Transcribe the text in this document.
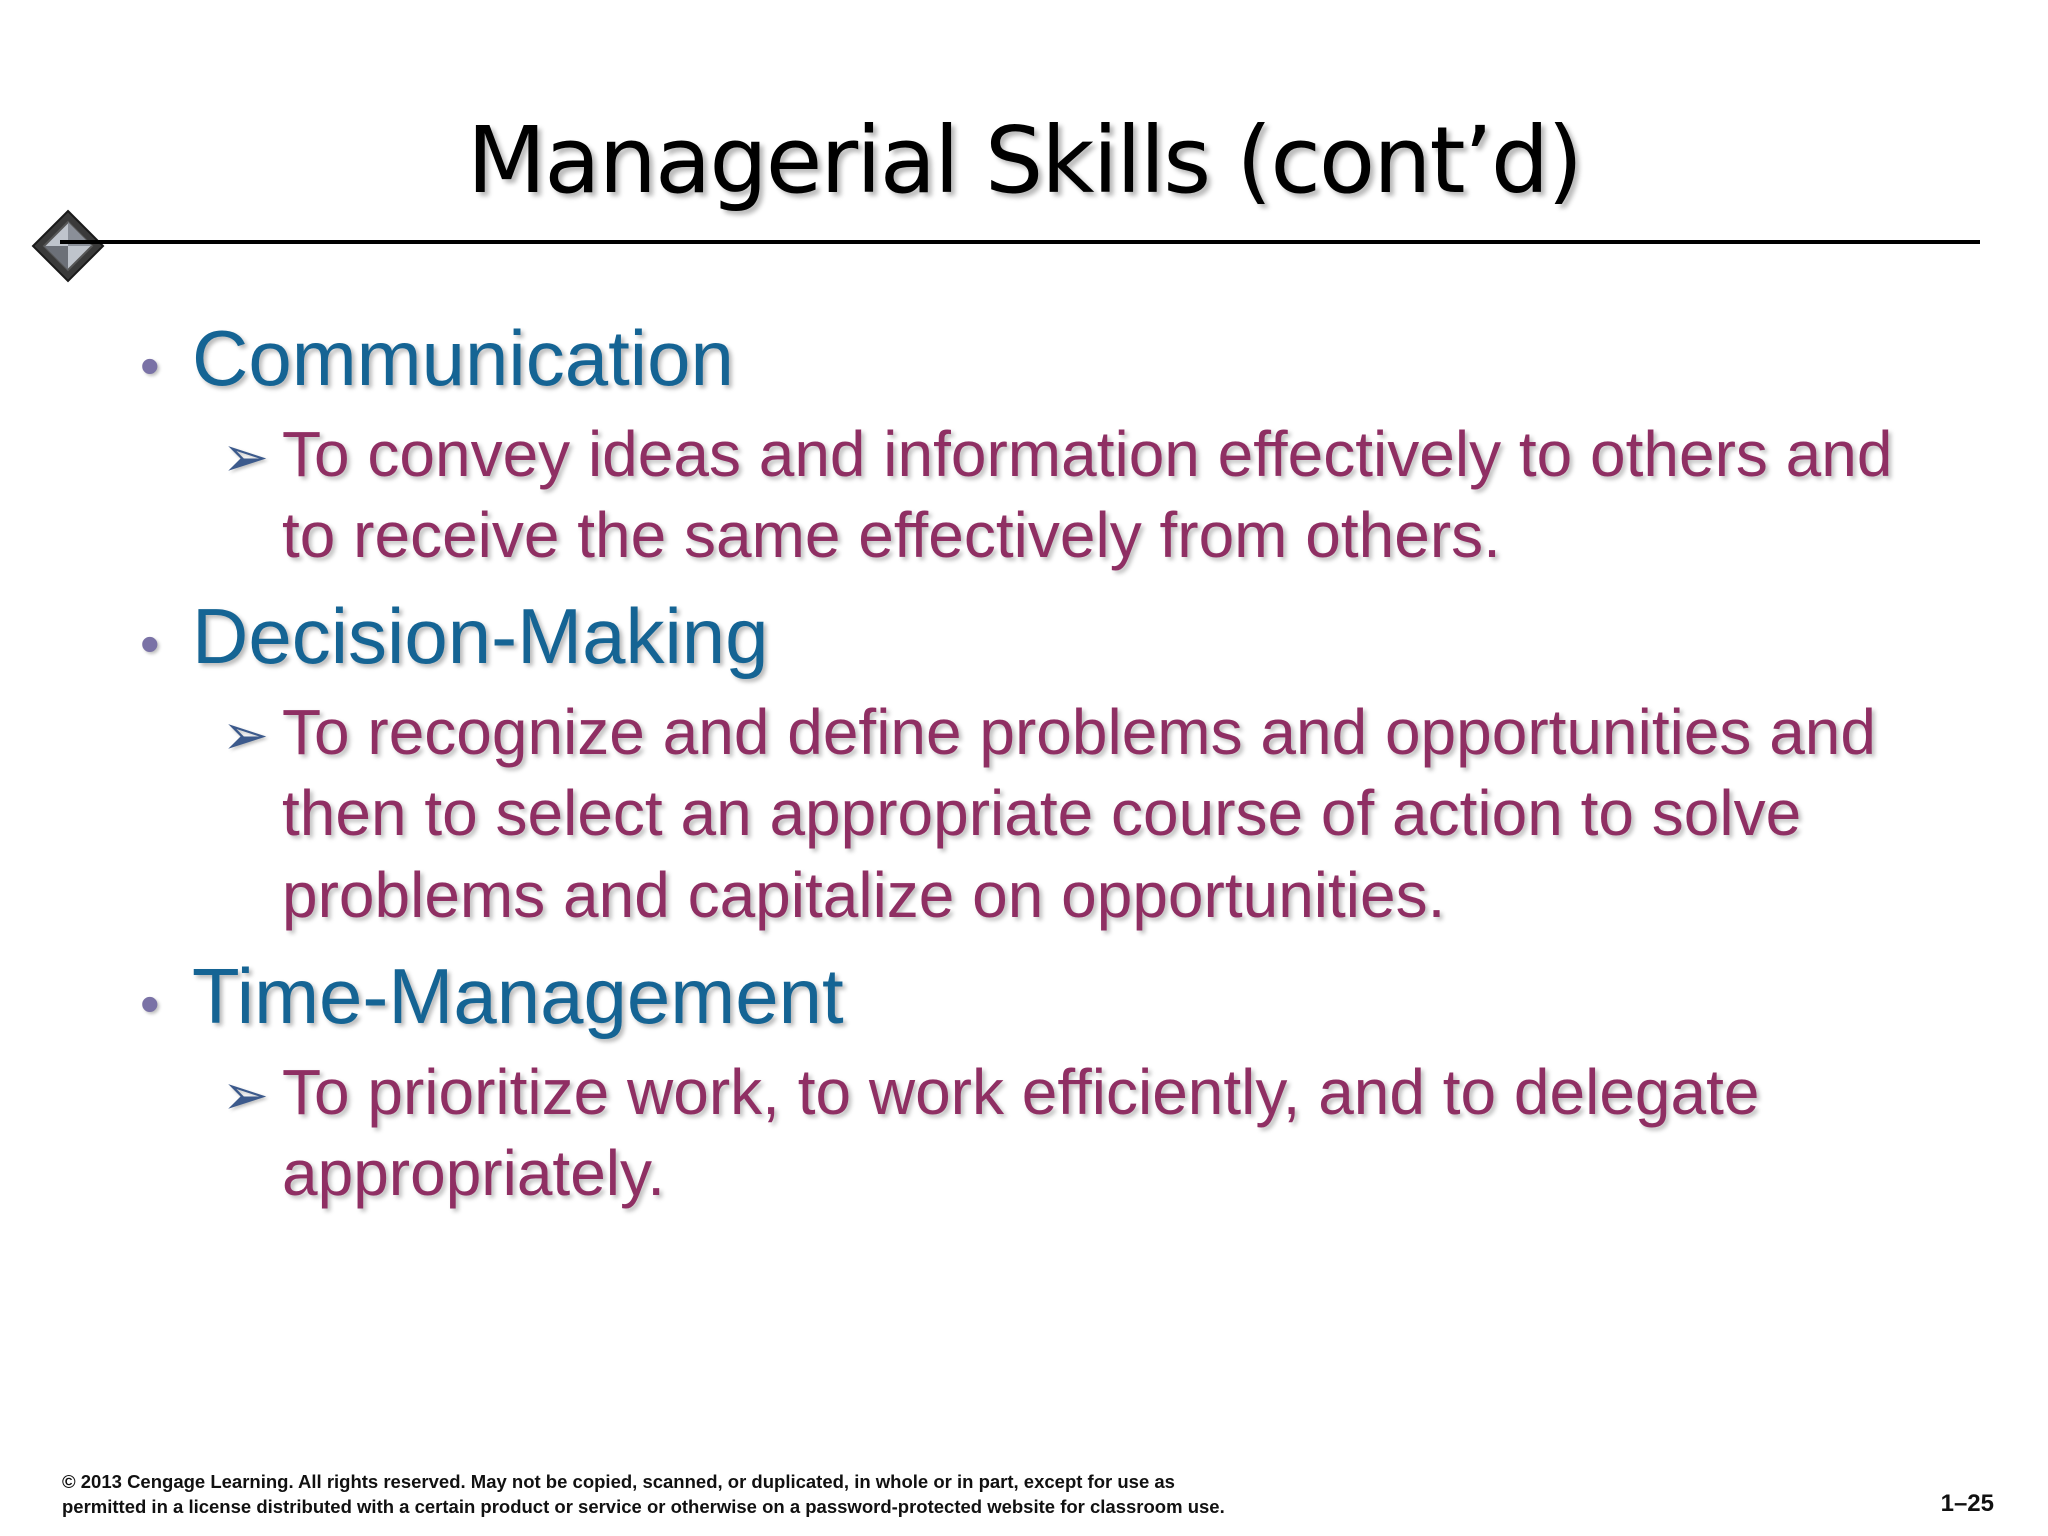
Managerial Skills (cont’d)
• Communication
➢ To convey ideas and information effectively to others and to receive the same effectively from others.
• Decision-Making
➢ To recognize and define problems and opportunities and then to select an appropriate course of action to solve problems and capitalize on opportunities.
• Time-Management
➢ To prioritize work, to work efficiently, and to delegate appropriately.
© 2013 Cengage Learning. All rights reserved. May not be copied, scanned, or duplicated, in whole or in part, except for use as
permitted in a license distributed with a certain product or service or otherwise on a password-protected website for classroom use.	1–25
